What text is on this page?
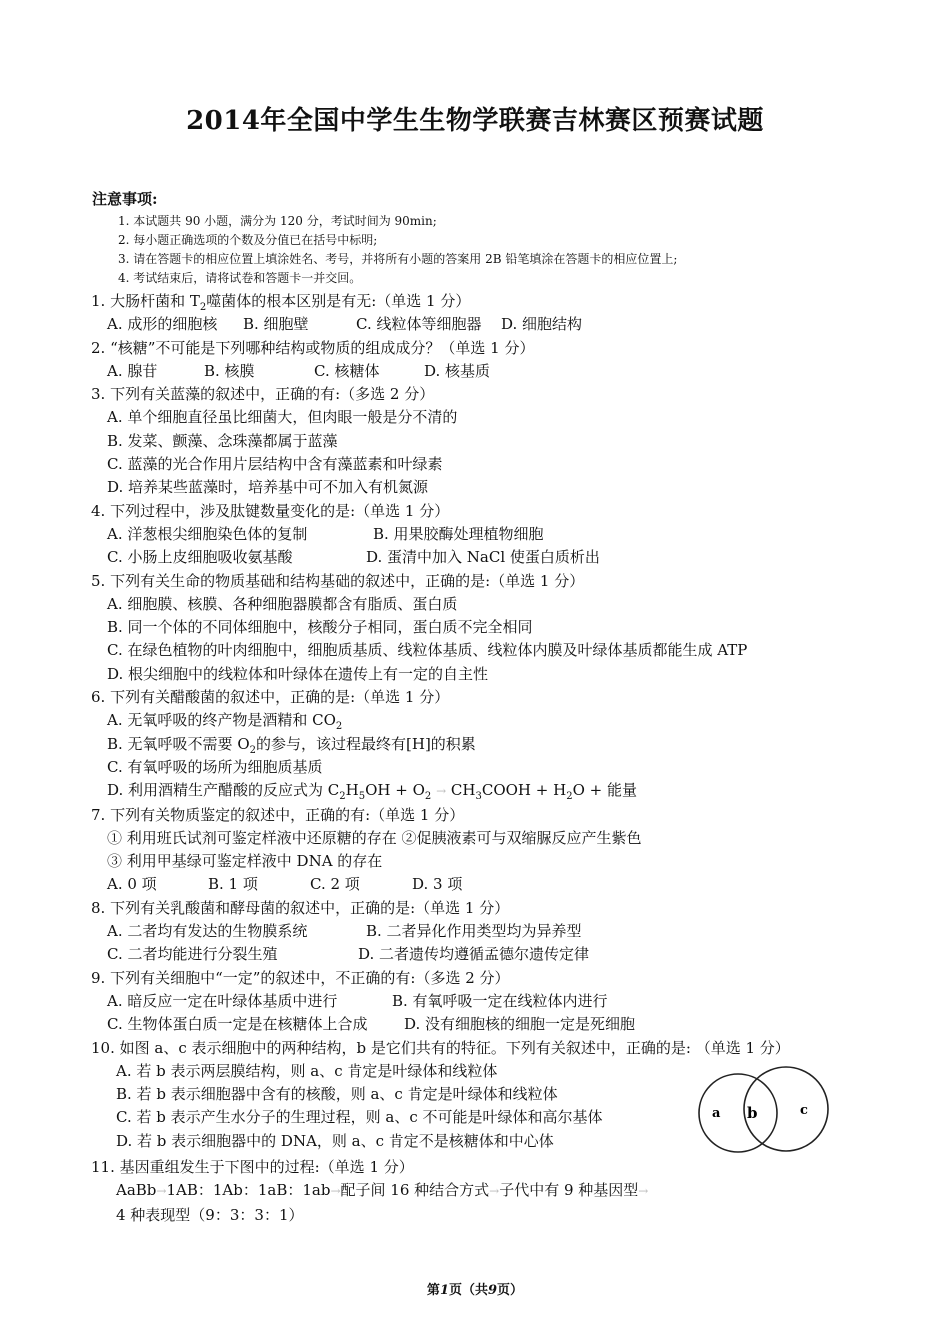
2014年全国中学生生物学联赛吉林赛区预赛试题
注意事项:
1. 本试题共 90 小题，满分为 120 分，考试时间为 90min;
2. 每小题正确选项的个数及分值已在括号中标明;
3. 请在答题卡的相应位置上填涂姓名、考号，并将所有小题的答案用 2B 铅笔填涂在答题卡的相应位置上;
4. 考试结束后，请将试卷和答题卡一并交回。
1. 大肠杆菌和 $T_2$噬菌体的根本区别是有无:（单选 1 分）
A. 成形的细胞核	B. 细胞壁	C. 线粒体等细胞器	D. 细胞结构
2. “核糖”不可能是下列哪种结构或物质的组成成分？（单选 1 分）
A. 腺苷	B. 核膜	C. 核糖体	D. 核基质
3. 下列有关蓝藻的叙述中，正确的有:（多选 2 分）
A. 单个细胞直径虽比细菌大，但肉眼一般是分不清的
B. 发菜、颤藻、念珠藻都属于蓝藻
C. 蓝藻的光合作用片层结构中含有藻蓝素和叶绿素
D. 培养某些蓝藻时，培养基中可不加入有机氮源
4. 下列过程中，涉及肽键数量变化的是:（单选 1 分）
A. 洋葱根尖细胞染色体的复制	B. 用果胶酶处理植物细胞
C. 小肠上皮细胞吸收氨基酸	D. 蛋清中加入 NaCl 使蛋白质析出
5. 下列有关生命的物质基础和结构基础的叙述中，正确的是:（单选 1 分）
A. 细胞膜、核膜、各种细胞器膜都含有脂质、蛋白质
B. 同一个体的不同体细胞中，核酸分子相同，蛋白质不完全相同
C. 在绿色植物的叶肉细胞中，细胞质基质、线粒体基质、线粒体内膜及叶绿体基质都能生成 ATP
D. 根尖细胞中的线粒体和叶绿体在遗传上有一定的自主性
6. 下列有关醋酸菌的叙述中，正确的是:（单选 1 分）
A. 无氧呼吸的终产物是酒精和 $CO_2$
B. 无氧呼吸不需要 $O_2$的参与，该过程最终有[H]的积累
C. 有氧呼吸的场所为细胞质基质
D. 利用酒精生产醋酸的反应式为 $C_2H_5OH + O_2$ → $CH_3COOH + H_2O$ + 能量
7. 下列有关物质鉴定的叙述中，正确的有:（单选 1 分）
① 利用班氏试剂可鉴定样液中还原糖的存在 ②促胰液素可与双缩脲反应产生紫色
③ 利用甲基绿可鉴定样液中 DNA 的存在
A. 0 项	B. 1 项	C. 2 项	D. 3 项
8. 下列有关乳酸菌和酵母菌的叙述中，正确的是:（单选 1 分）
A. 二者均有发达的生物膜系统	B. 二者异化作用类型均为异养型
C. 二者均能进行分裂生殖	D. 二者遗传均遵循孟德尔遗传定律
9. 下列有关细胞中“一定”的叙述中，不正确的有:（多选 2 分）
A. 暗反应一定在叶绿体基质中进行	B. 有氧呼吸一定在线粒体内进行
C. 生物体蛋白质一定是在核糖体上合成	D. 没有细胞核的细胞一定是死细胞
10. 如图 a、c 表示细胞中的两种结构，b 是它们共有的特征。下列有关叙述中，正确的是: （单选 1 分）
A. 若 b 表示两层膜结构，则 a、c 肯定是叶绿体和线粒体
B. 若 b 表示细胞器中含有的核酸，则 a、c 肯定是叶绿体和线粒体
C. 若 b 表示产生水分子的生理过程，则 a、c 不可能是叶绿体和高尔基体
D. 若 b 表示细胞器中的 DNA，则 a、c 肯定不是核糖体和中心体
11. 基因重组发生于下图中的过程:（单选 1 分）
AaBb→1AB：1Ab：1aB：1ab→配子间 16 种结合方式→子代中有 9 种基因型→
4 种表现型（9：3：3：1）
a b	c
第1页（共9页）
